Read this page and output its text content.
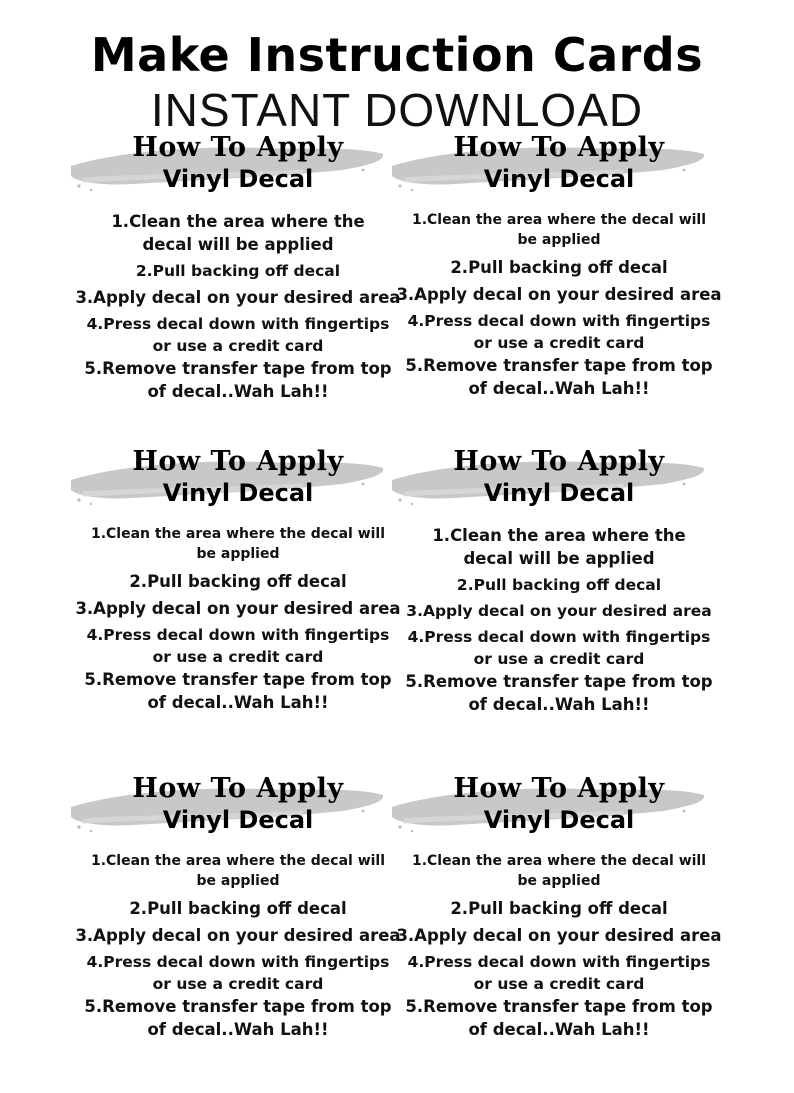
Make Instruction Cards
INSTANT DOWNLOAD
How To Apply
Vinyl Decal

1.Clean the area where the decal will be applied

2.Pull backing off decal

3.Apply decal on your desired area

4.Press decal down with fingertips or use a credit card

5.Remove transfer tape from top of decal..Wah Lah!!

How To Apply
Vinyl Decal

1.Clean the area where the decal will be applied

2.Pull backing off decal

3.Apply decal on your desired area

4.Press decal down with fingertips or use a credit card

5.Remove transfer tape from top of decal..Wah Lah!!

How To Apply
Vinyl Decal

1.Clean the area where the decal will be applied

2.Pull backing off decal

3.Apply decal on your desired area

4.Press decal down with fingertips or use a credit card

5.Remove transfer tape from top of decal..Wah Lah!!

How To Apply
Vinyl Decal

1.Clean the area where the decal will be applied

2.Pull backing off decal

3.Apply decal on your desired area

4.Press decal down with fingertips or use a credit card

5.Remove transfer tape from top of decal..Wah Lah!!

How To Apply
Vinyl Decal

1.Clean the area where the decal will be applied

2.Pull backing off decal

3.Apply decal on your desired area

4.Press decal down with fingertips or use a credit card

5.Remove transfer tape from top of decal..Wah Lah!!

How To Apply
Vinyl Decal

1.Clean the area where the decal will be applied

2.Pull backing off decal

3.Apply decal on your desired area

4.Press decal down with fingertips or use a credit card

5.Remove transfer tape from top of decal..Wah Lah!!
